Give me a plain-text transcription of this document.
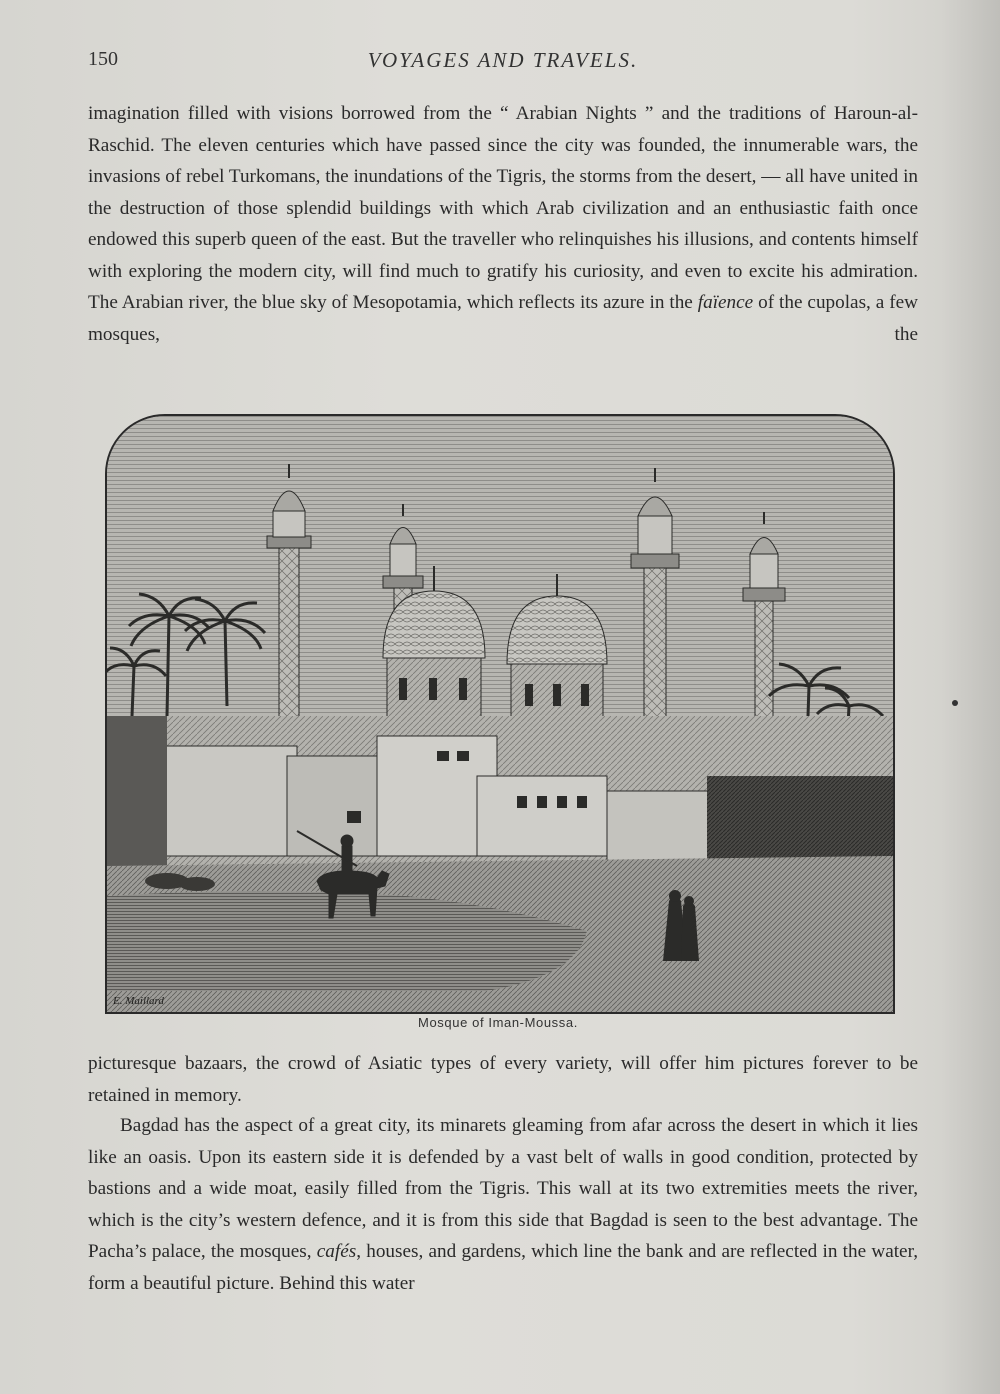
150	VOYAGES AND TRAVELS.

imagination filled with visions borrowed from the “ Arabian Nights ” and the traditions of Haroun-al-Raschid. The eleven centuries which have passed since the city was founded, the innumerable wars, the invasions of rebel Turkomans, the inundations of the Tigris, the storms from the desert, — all have united in the destruction of those splendid buildings with which Arab civilization and an enthusiastic faith once endowed this superb queen of the east. But the traveller who relinquishes his illusions, and contents himself with exploring the modern city, will find much to gratify his curiosity, and even to excite his admiration. The Arabian river, the blue sky of Mesopotamia, which reflects its azure in the faïence of the cupolas, a few mosques, the

E. Maillard
Mosque of Iman-Moussa.

picturesque bazaars, the crowd of Asiatic types of every variety, will offer him pictures forever to be retained in memory.

Bagdad has the aspect of a great city, its minarets gleaming from afar across the desert in which it lies like an oasis. Upon its eastern side it is defended by a vast belt of walls in good condition, protected by bastions and a wide moat, easily filled from the Tigris. This wall at its two extremities meets the river, which is the city’s western defence, and it is from this side that Bagdad is seen to the best advantage. The Pacha’s palace, the mosques, cafés, houses, and gardens, which line the bank and are reflected in the water, form a beautiful picture. Behind this water
